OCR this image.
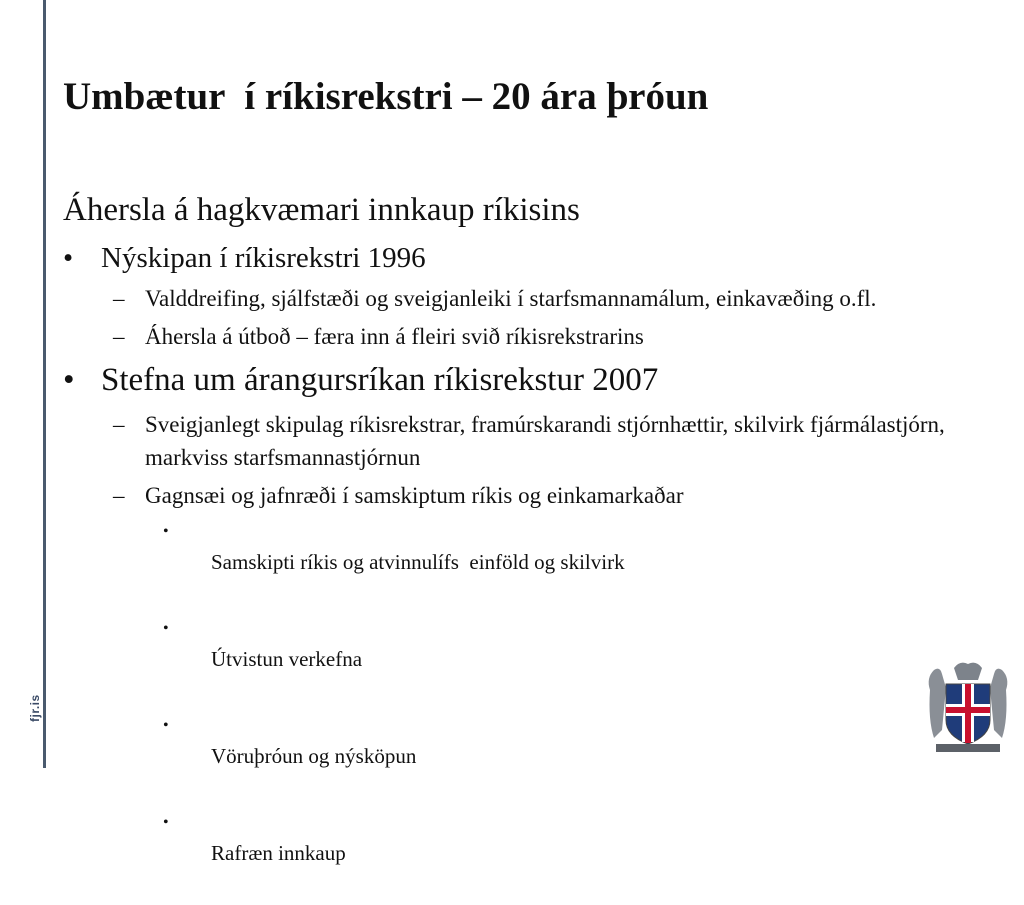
fjr.is
Umbætur  í ríkisrekstri – 20 ára þróun

Áhersla á hagkvæmari innkaup ríkisins

• Nýskipan í ríkisrekstri 1996

– Valddreifing, sjálfstæði og sveigjanleiki í starfsmannamálum, einkavæðing o.fl.

– Áhersla á útboð – færa inn á fleiri svið ríkisrekstrarins

• Stefna um árangursríkan ríkisrekstur 2007

– Sveigjanlegt skipulag ríkisrekstrar, framúrskarandi stjórnhættir, skilvirk fjármálastjórn, markviss starfsmannastjórnun

– Gagnsæi og jafnræði í samskiptum ríkis og einkamarkaðar

•
Samskipti ríkis og atvinnulífs  einföld og skilvirk

•
Útvistun verkefna

•
Vöruþróun og nýsköpun

•
Rafræn innkaup
